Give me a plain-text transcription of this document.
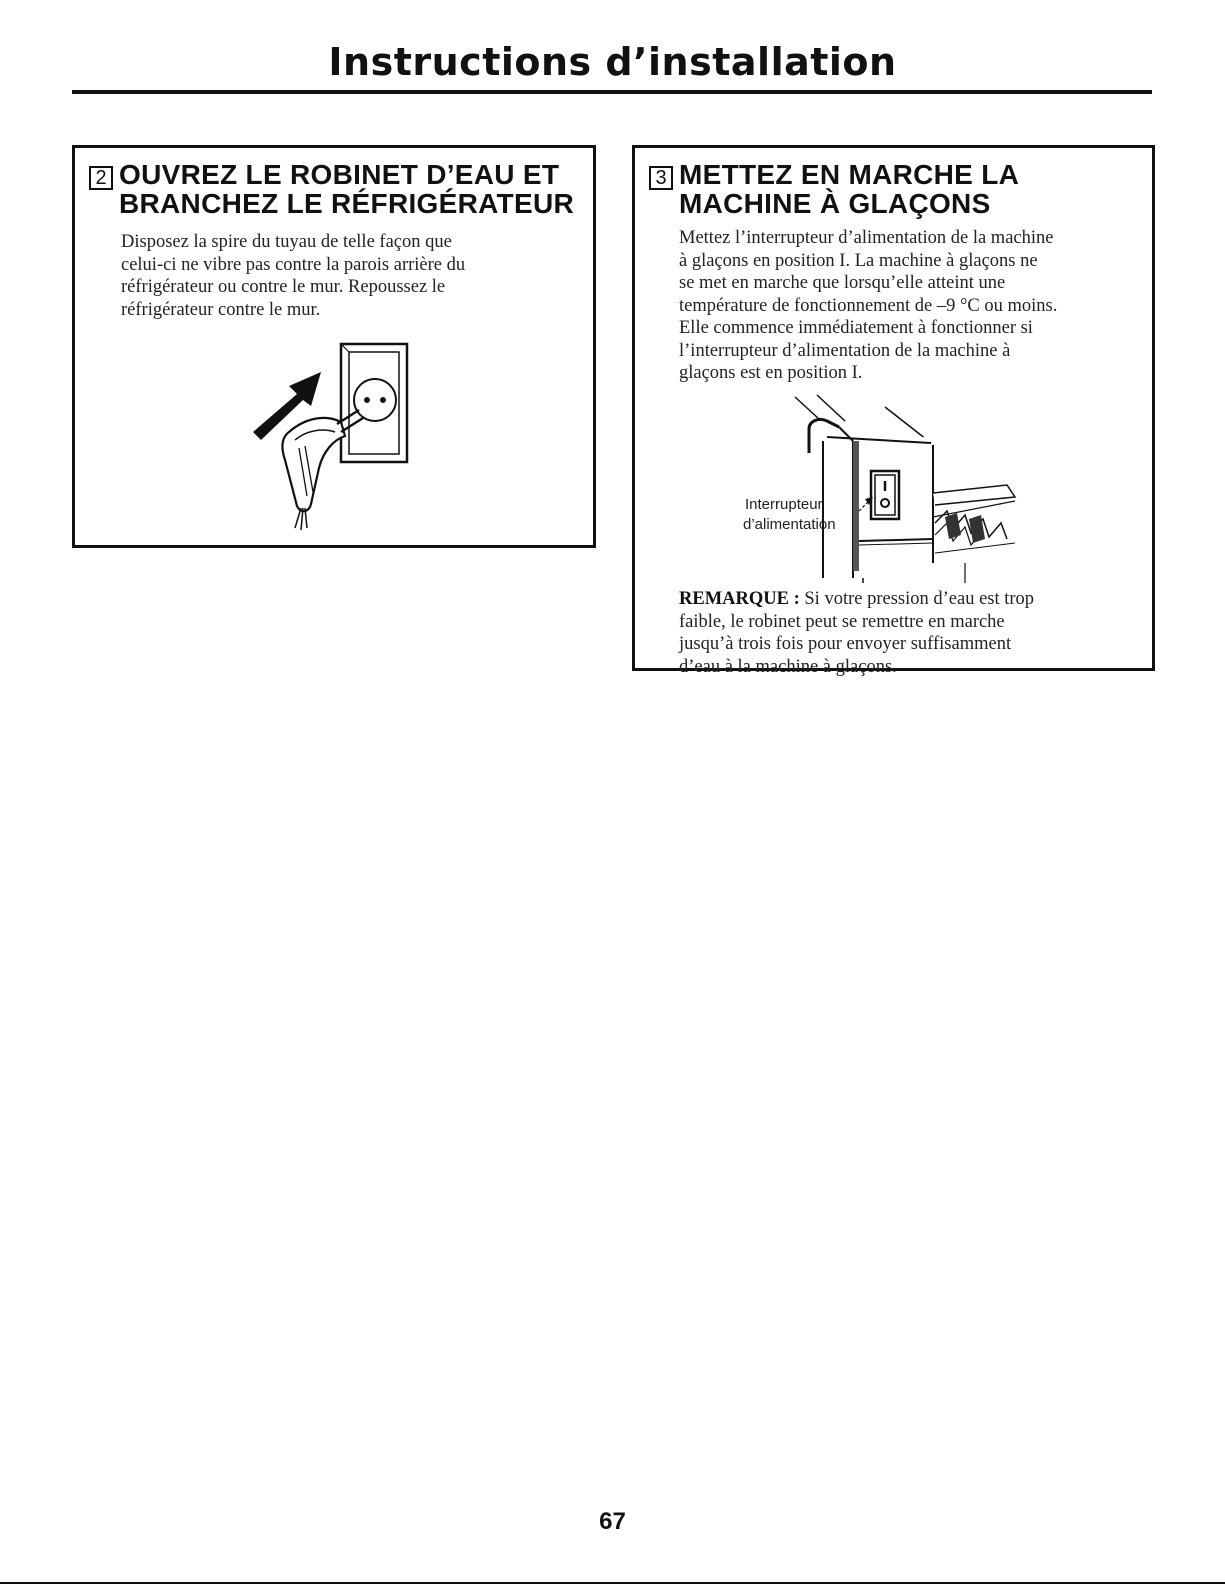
Instructions d’installation
2 OUVREZ LE ROBINET D’EAU ET
BRANCHEZ LE RÉFRIGÉRATEUR
Disposez la spire du tuyau de telle façon que
celui-ci ne vibre pas contre la parois arrière du
réfrigérateur ou contre le mur. Repoussez le
réfrigérateur contre le mur.
3 METTEZ EN MARCHE LA
MACHINE À GLAÇONS
Mettez l’interrupteur d’alimentation de la machine
à glaçons en position I. La machine à glaçons ne
se met en marche que lorsqu’elle atteint une
température de fonctionnement de –9 °C ou moins.
Elle commence immédiatement à fonctionner si
l’interrupteur d’alimentation de la machine à
glaçons est en position I.
Interrupteur
d’alimentation
REMARQUE : Si votre pression d’eau est trop
faible, le robinet peut se remettre en marche
jusqu’à trois fois pour envoyer suffisamment
d’eau à la machine à glaçons.
67
